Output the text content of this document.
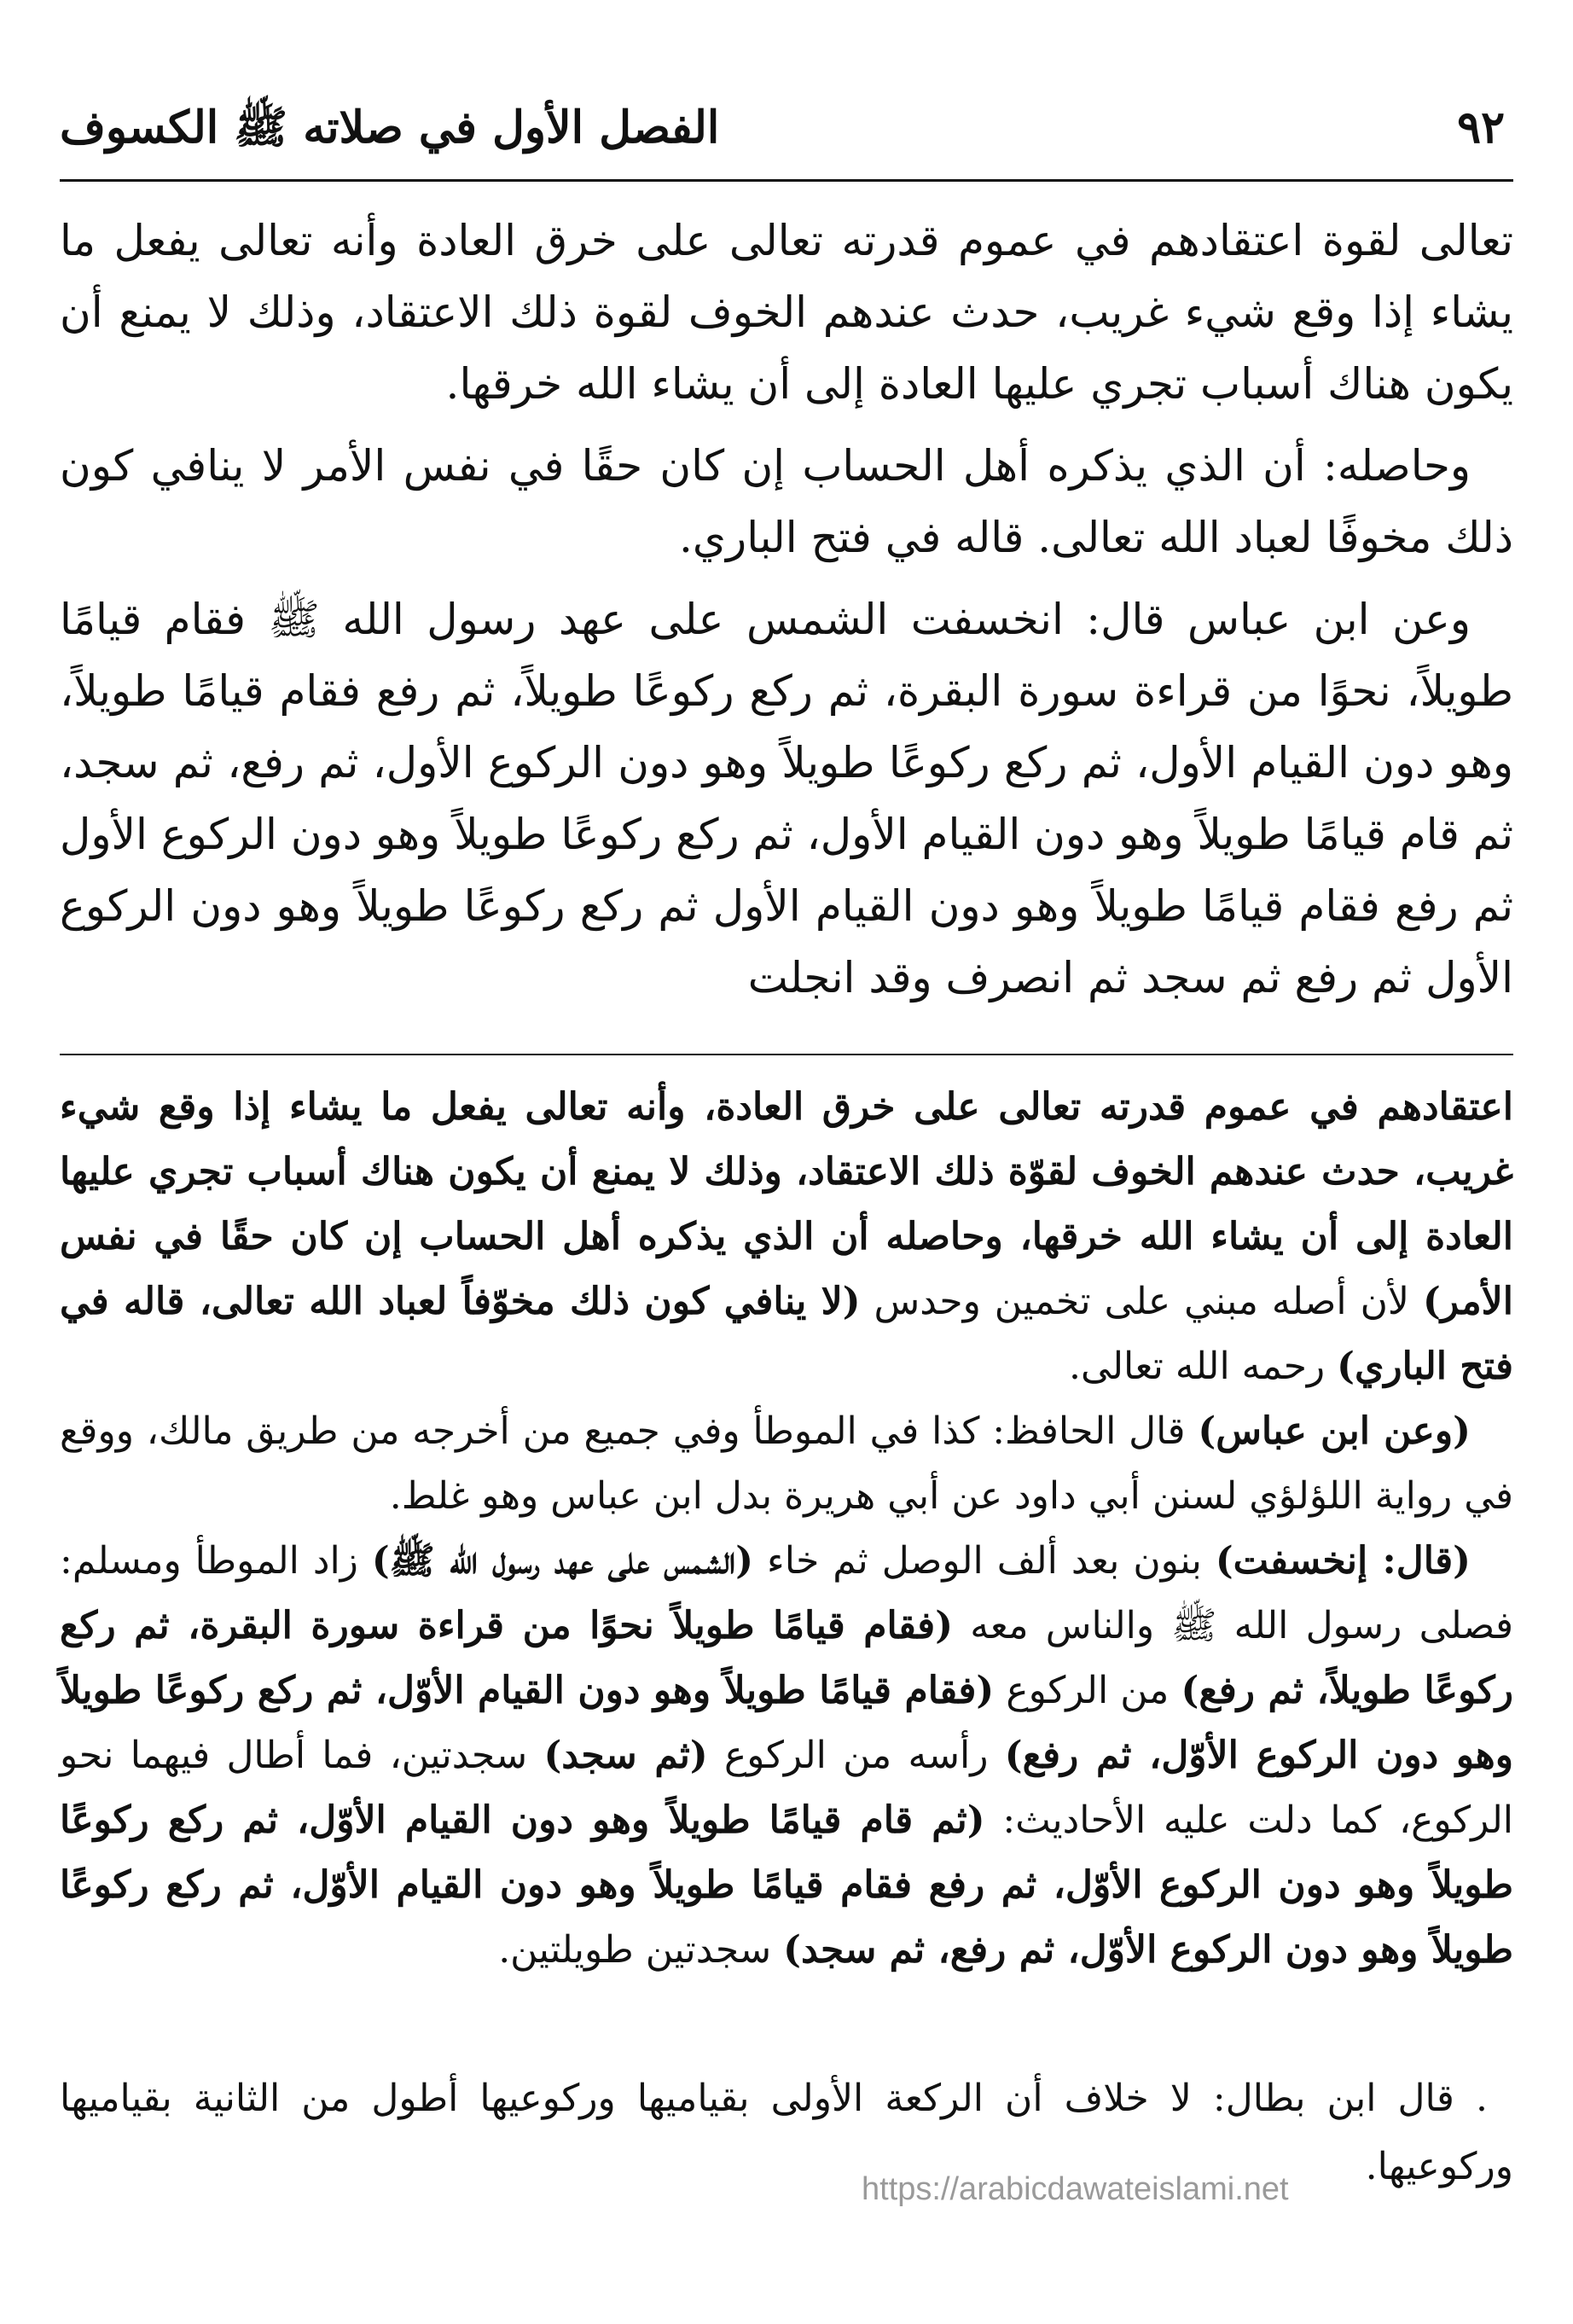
٩٢
الفصل الأول في صلاته ﷺ الكسوف

تعالى لقوة اعتقادهم في عموم قدرته تعالى على خرق العادة وأنه تعالى يفعل ما يشاء إذا وقع شيء غريب، حدث عندهم الخوف لقوة ذلك الاعتقاد، وذلك لا يمنع أن يكون هناك أسباب تجري عليها العادة إلى أن يشاء الله خرقها.

وحاصله: أن الذي يذكره أهل الحساب إن كان حقًا في نفس الأمر لا ينافي كون ذلك مخوفًا لعباد الله تعالى. قاله في فتح الباري.

وعن ابن عباس قال: انخسفت الشمس على عهد رسول الله ﷺ فقام قيامًا طويلاً، نحوًا من قراءة سورة البقرة، ثم ركع ركوعًا طويلاً، ثم رفع فقام قيامًا طويلاً، وهو دون القيام الأول، ثم ركع ركوعًا طويلاً وهو دون الركوع الأول، ثم رفع، ثم سجد، ثم قام قيامًا طويلاً وهو دون القيام الأول، ثم ركع ركوعًا طويلاً وهو دون الركوع الأول ثم رفع فقام قيامًا طويلاً وهو دون القيام الأول ثم ركع ركوعًا طويلاً وهو دون الركوع الأول ثم رفع ثم سجد ثم انصرف وقد انجلت

اعتقادهم في عموم قدرته تعالى على خرق العادة، وأنه تعالى يفعل ما يشاء إذا وقع شيء غريب، حدث عندهم الخوف لقوّة ذلك الاعتقاد، وذلك لا يمنع أن يكون هناك أسباب تجري عليها العادة إلى أن يشاء الله خرقها، وحاصله أن الذي يذكره أهل الحساب إن كان حقًا في نفس الأمر) لأن أصله مبني على تخمين وحدس (لا ينافي كون ذلك مخوّفاً لعباد الله تعالى، قاله في فتح الباري) رحمه الله تعالى.

(وعن ابن عباس) قال الحافظ: كذا في الموطأ وفي جميع من أخرجه من طريق مالك، ووقع في رواية اللؤلؤي لسنن أبي داود عن أبي هريرة بدل ابن عباس وهو غلط.

(قال: إنخسفت) بنون بعد ألف الوصل ثم خاء (الشمس على عهد رسول الله ﷺ) زاد الموطأ ومسلم: فصلى رسول الله ﷺ والناس معه (فقام قيامًا طويلاً نحوًا من قراءة سورة البقرة، ثم ركع ركوعًا طويلاً، ثم رفع) من الركوع (فقام قيامًا طويلاً وهو دون القيام الأوّل، ثم ركع ركوعًا طويلاً وهو دون الركوع الأوّل، ثم رفع) رأسه من الركوع (ثم سجد) سجدتين، فما أطال فيهما نحو الركوع، كما دلت عليه الأحاديث: (ثم قام قيامًا طويلاً وهو دون القيام الأوّل، ثم ركع ركوعًا طويلاً وهو دون الركوع الأوّل، ثم رفع فقام قيامًا طويلاً وهو دون القيام الأوّل، ثم ركع ركوعًا طويلاً وهو دون الركوع الأوّل، ثم رفع، ثم سجد) سجدتين طويلتين.

. قال ابن بطال: لا خلاف أن الركعة الأولى بقياميها وركوعيها أطول من الثانية بقياميها وركوعيها.

https://arabicdawateislami.net
